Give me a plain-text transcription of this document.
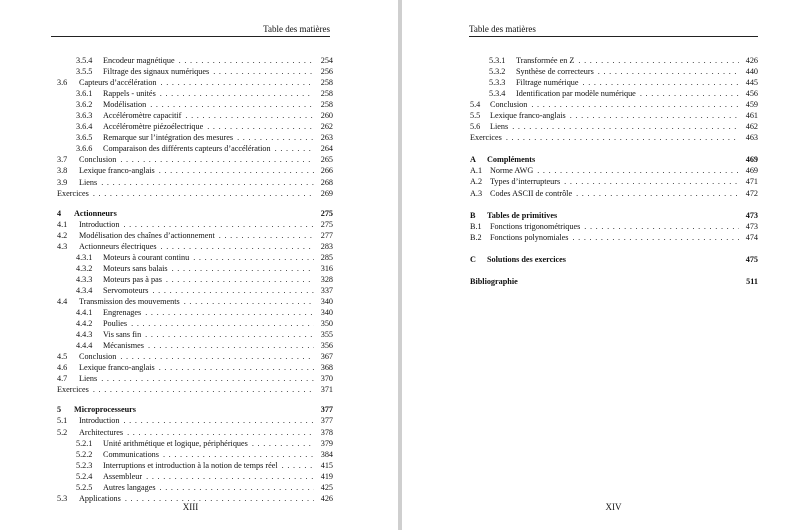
Table des matières
3.5.4	Encodeur magnétique . . .	254
3.5.5	Filtrage des signaux numériques . . .	256
3.6	Capteurs d’accélération . . .	258
3.6.1	Rappels - unités . . .	258
3.6.2	Modélisation . . .	258
3.6.3	Accéléromètre capacitif . . .	260
3.6.4	Accéléromètre piézoélectrique . . .	262
3.6.5	Remarque sur l’intégration des mesures . . .	263
3.6.6	Comparaison des différents capteurs d’accélération . . .	264
3.7	Conclusion . . .	265
3.8	Lexique franco-anglais . . .	266
3.9	Liens . . .	268
Exercices . . .	269
4	Actionneurs	275
4.1	Introduction . . .	275
4.2	Modélisation des chaînes d’actionnement . . .	277
4.3	Actionneurs électriques . . .	283
4.3.1	Moteurs à courant continu . . .	285
4.3.2	Moteurs sans balais . . .	316
4.3.3	Moteurs pas à pas . . .	328
4.3.4	Servomoteurs . . .	337
4.4	Transmission des mouvements . . .	340
4.4.1	Engrenages . . .	340
4.4.2	Poulies . . .	350
4.4.3	Vis sans fin . . .	355
4.4.4	Mécanismes . . .	356
4.5	Conclusion . . .	367
4.6	Lexique franco-anglais . . .	368
4.7	Liens . . .	370
Exercices . . .	371
5	Microprocesseurs	377
5.1	Introduction . . .	377
5.2	Architectures . . .	378
5.2.1	Unité arithmétique et logique, périphériques . . .	379
5.2.2	Communications . . .	384
5.2.3	Interruptions et introduction à la notion de temps réel . . .	415
5.2.4	Assembleur . . .	419
5.2.5	Autres langages . . .	425
5.3	Applications . . .	426
XIII
Table des matières
5.3.1	Transformée en Z . . .	426
5.3.2	Synthèse de correcteurs . . .	440
5.3.3	Filtrage numérique . . .	445
5.3.4	Identification par modèle numérique . . .	456
5.4	Conclusion . . .	459
5.5	Lexique franco-anglais . . .	461
5.6	Liens . . .	462
Exercices . . .	463
A	Compléments	469
A.1 Norme AWG . . .	469
A.2 Types d’interrupteurs . . .	471
A.3 Codes ASCII de contrôle . . .	472
B	Tables de primitives	473
B.1	Fonctions trigonométriques . . .	473
B.2	Fonctions polynomiales . . .	474
C	Solutions des exercices	475
Bibliographie	511
XIV
